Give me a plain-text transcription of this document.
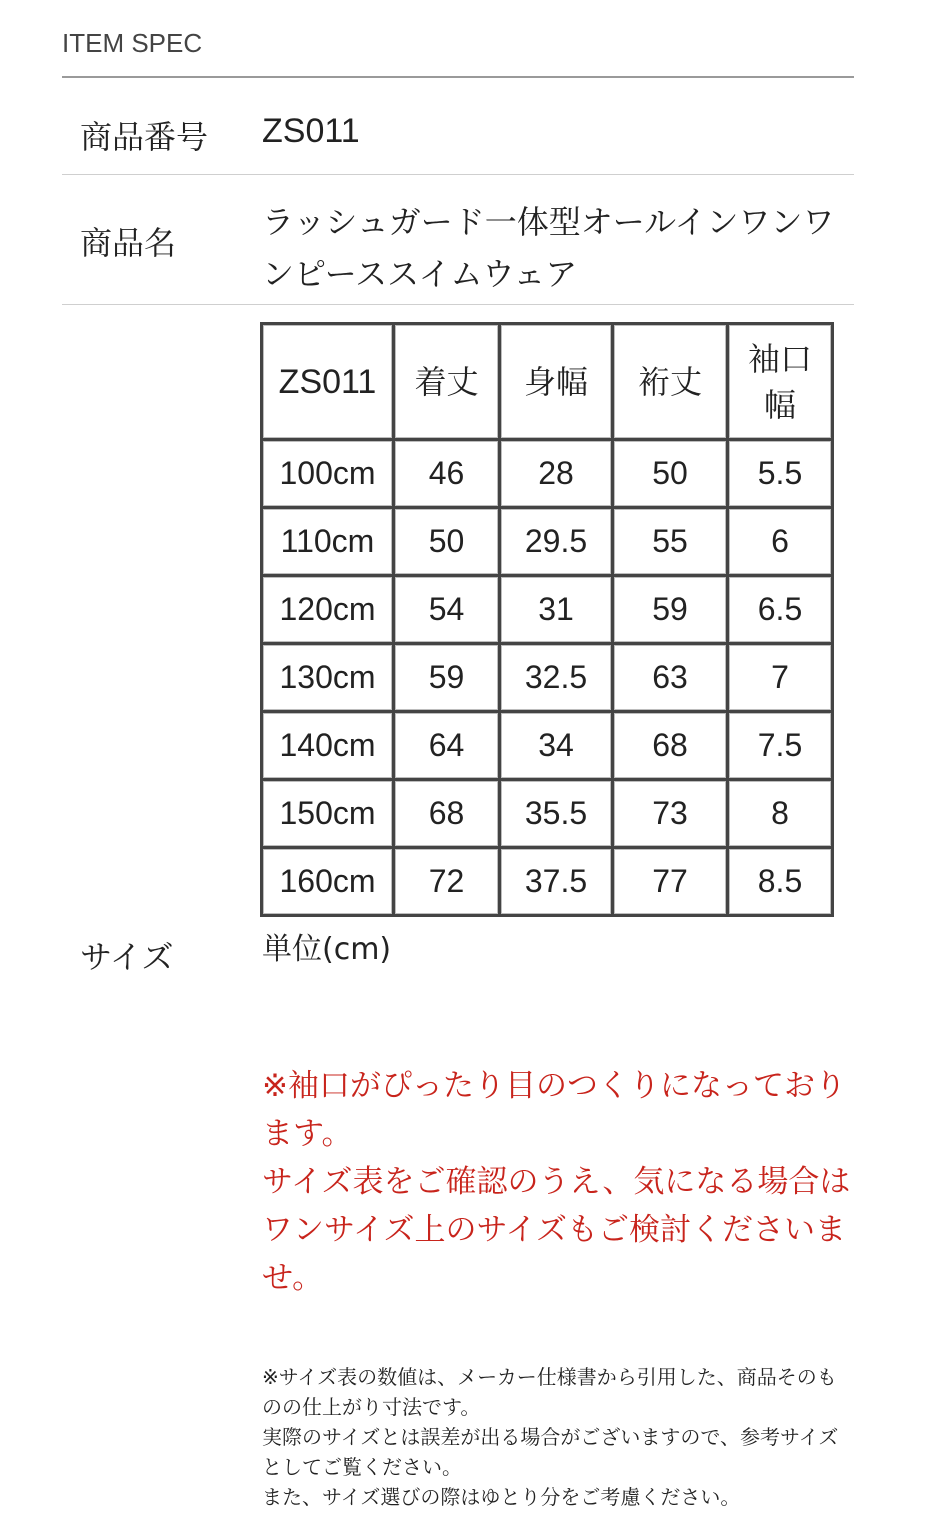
ITEM SPEC
商品番号 ZS011
商品名
ラッシュガード一体型オールインワンワンピーススイムウェア
サイズ
ZS011	着丈	身幅	裄丈	袖口幅
100cm	46	28	50	5.5
110cm	50	29.5	55	6
120cm	54	31	59	6.5
130cm	59	32.5	63	7
140cm	64	34	68	7.5
150cm	68	35.5	73	8
160cm	72	37.5	77	8.5
単位(cm)

※袖口がぴったり目のつくりになっております。

サイズ表をご確認のうえ、気になる場合はワンサイズ上のサイズもご検討くださいませ。

※サイズ表の数値は、メーカー仕様書から引用した、商品そのものの仕上がり寸法です。

実際のサイズとは誤差が出る場合がございますので、参考サイズとしてご覧ください。

また、サイズ選びの際はゆとり分をご考慮ください。
